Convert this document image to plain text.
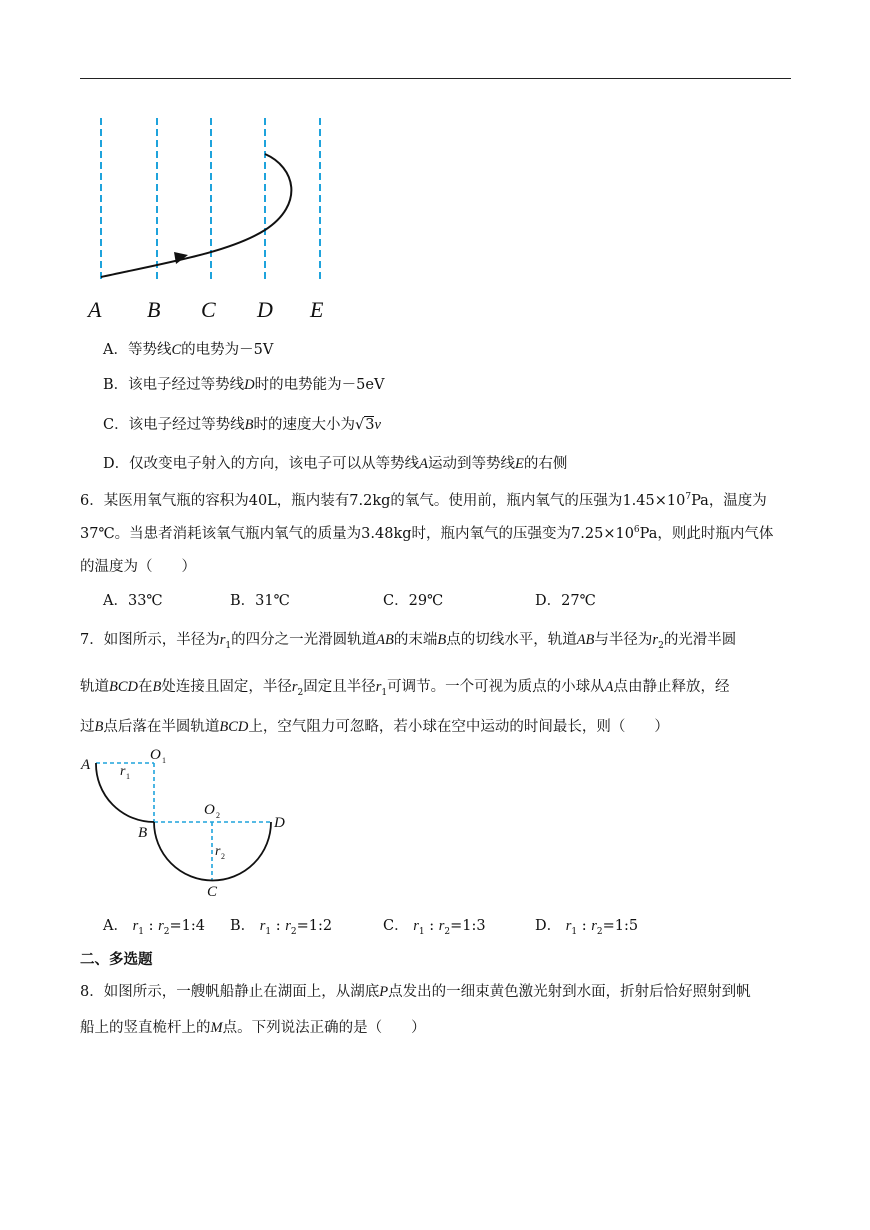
A B C D E
A．等势线C的电势为－5V
B．该电子经过等势线D时的电势能为－5eV
C．该电子经过等势线B时的速度大小为√3v
D．仅改变电子射入的方向，该电子可以从等势线A运动到等势线E的右侧
6．某医用氧气瓶的容积为40L，瓶内装有7.2kg的氧气。使用前，瓶内氧气的压强为$1.45\times 10^7Pa$，温度为
37℃。当患者消耗该氧气瓶内氧气的质量为3.48kg时，瓶内氧气的压强变为$7.25\times 10^6Pa$，则此时瓶内气体
的温度为（　　）
A．33℃	B．31℃	C．29℃	D．27℃
7．如图所示，半径为$r_1$的四分之一光滑圆轨道AB的末端B点的切线水平，轨道AB与半径为$r_2$的光滑半圆
轨道BCD在B处连接且固定，半径$r_2$固定且半径$r_1$可调节。一个可视为质点的小球从A点由静止释放，经
过B点后落在半圆轨道BCD上，空气阻力可忽略，若小球在空中运动的时间最长，则（　　）
A
O 1
r 1
B
O 2	D
r 2
C
A． $r_1$ : $r_2=1:4$ B． $r_1$ : $r_2=1:2$	C． $r_1$ : $r_2=1:3$	D． $r_1$ : $r_2=1:5$
二、多选题
8．如图所示，一艘帆船静止在湖面上，从湖底P点发出的一细束黄色激光射到水面，折射后恰好照射到帆
船上的竖直桅杆上的M点。下列说法正确的是（　　）
